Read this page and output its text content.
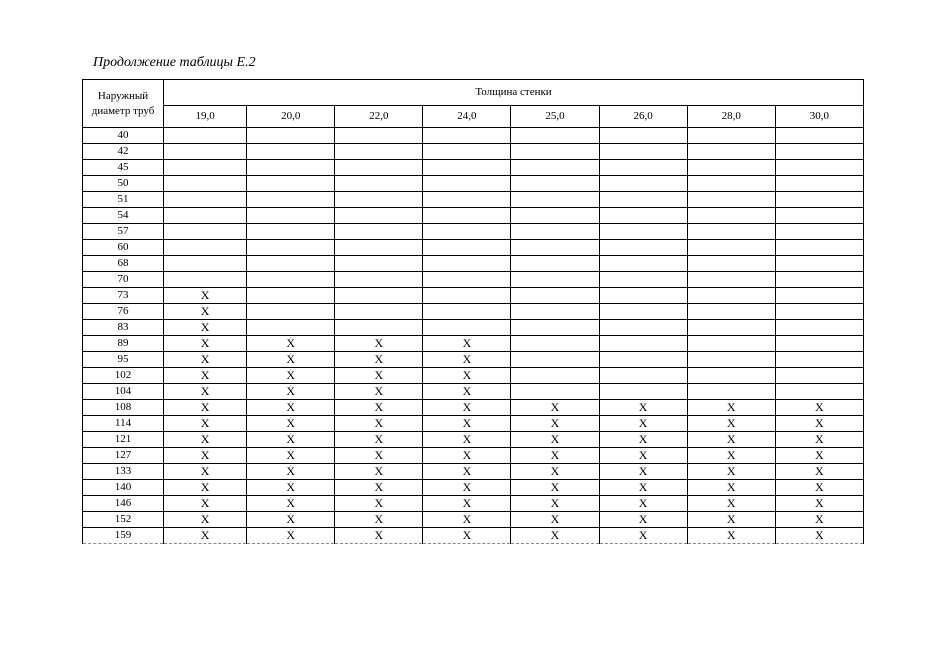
Продолжение таблицы Е.2
Наружный диаметр труб	Толщина стенки							
	19,0	20,0	22,0	24,0	25,0	26,0	28,0	30,0
40								
42								
45								
50								
51								
54								
57								
60								
68								
70								
73	X							
76	X							
83	X							
89	X	X	X	X				
95	X	X	X	X				
102	X	X	X	X				
104	X	X	X	X				
108	X	X	X	X	X	X	X	X
114	X	X	X	X	X	X	X	X
121	X	X	X	X	X	X	X	X
127	X	X	X	X	X	X	X	X
133	X	X	X	X	X	X	X	X
140	X	X	X	X	X	X	X	X
146	X	X	X	X	X	X	X	X
152	X	X	X	X	X	X	X	X
159	X	X	X	X	X	X	X	X
